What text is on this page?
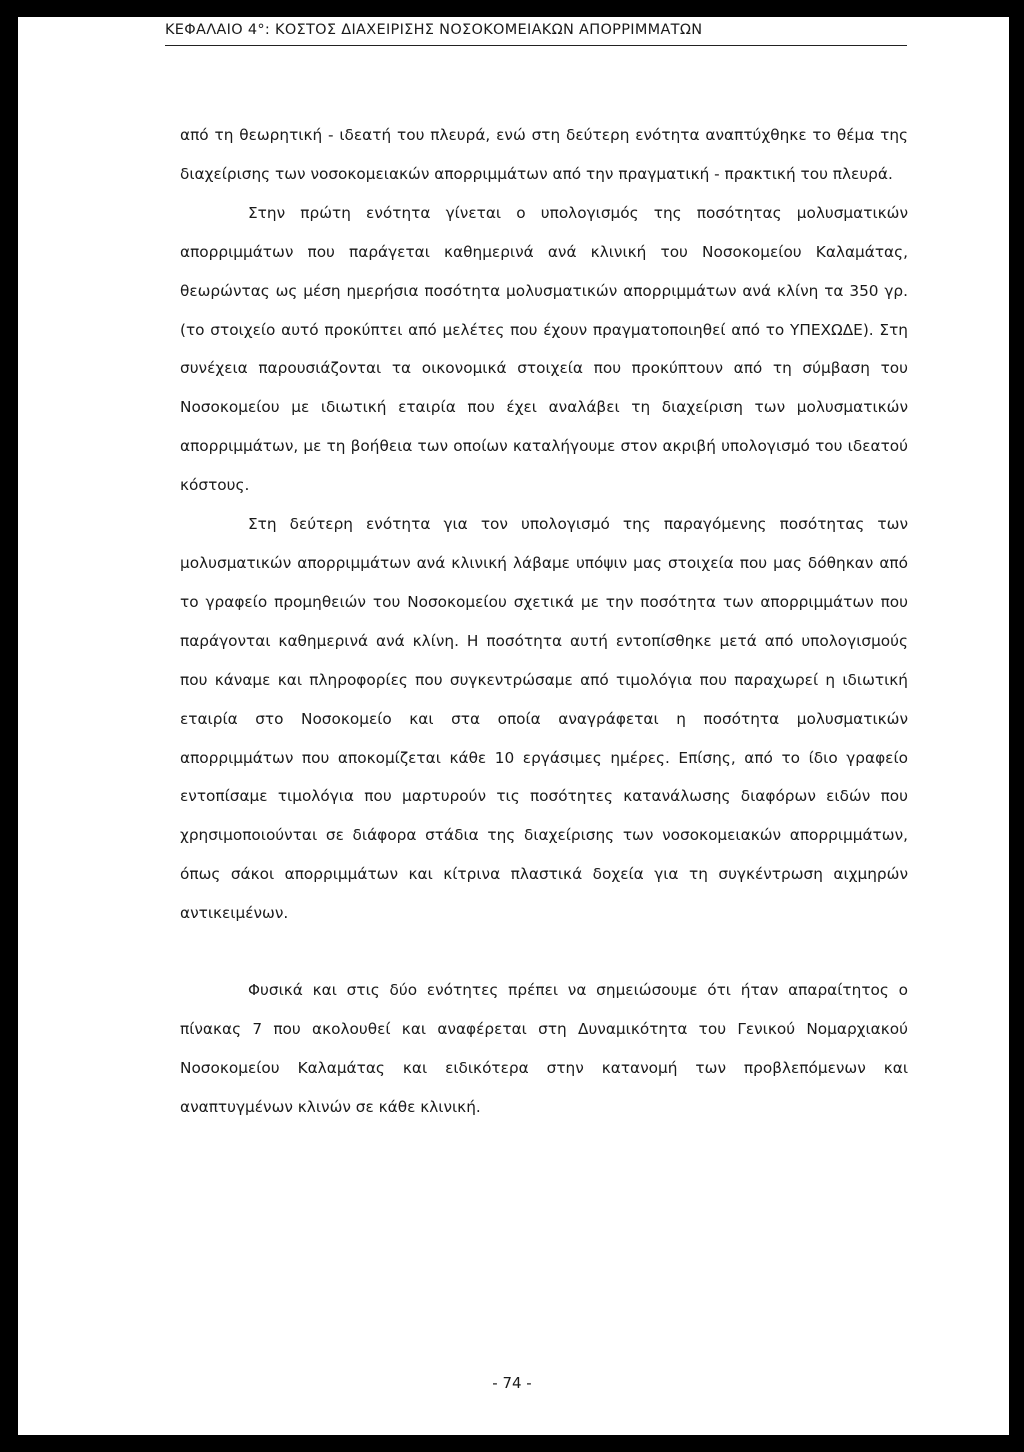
ΚΕΦΑΛΑΙΟ 4°: ΚΟΣΤΟΣ ΔΙΑΧΕΙΡΙΣΗΣ ΝΟΣΟΚΟΜΕΙΑΚΩΝ ΑΠΟΡΡΙΜΜΑΤΩΝ

από τη θεωρητική - ιδεατή του πλευρά, ενώ στη δεύτερη ενότητα αναπτύχθηκε το θέμα της διαχείρισης των νοσοκομειακών απορριμμάτων από την πραγματική - πρακτική του πλευρά.

Στην πρώτη ενότητα γίνεται ο υπολογισμός της ποσότητας μολυσματικών απορριμμάτων που παράγεται καθημερινά ανά κλινική του Νοσοκομείου Καλαμάτας, θεωρώντας ως μέση ημερήσια ποσότητα μολυσματικών απορριμμάτων ανά κλίνη τα 350 γρ. (το στοιχείο αυτό προκύπτει από μελέτες που έχουν πραγματοποιηθεί από το ΥΠΕΧΩΔΕ). Στη συνέχεια παρουσιάζονται τα οικονομικά στοιχεία που προκύπτουν από τη σύμβαση του Νοσοκομείου με ιδιωτική εταιρία που έχει αναλάβει τη διαχείριση των μολυσματικών απορριμμάτων, με τη βοήθεια των οποίων καταλήγουμε στον ακριβή υπολογισμό του ιδεατού κόστους.

Στη δεύτερη ενότητα για τον υπολογισμό της παραγόμενης ποσότητας των μολυσματικών απορριμμάτων ανά κλινική λάβαμε υπόψιν μας στοιχεία που μας δόθηκαν από το γραφείο προμηθειών του Νοσοκομείου σχετικά με την ποσότητα των απορριμμάτων που παράγονται καθημερινά ανά κλίνη. Η ποσότητα αυτή εντοπίσθηκε μετά από υπολογισμούς που κάναμε και πληροφορίες που συγκεντρώσαμε από τιμολόγια που παραχωρεί η ιδιωτική εταιρία στο Νοσοκομείο και στα οποία αναγράφεται η ποσότητα μολυσματικών απορριμμάτων που αποκομίζεται κάθε 10 εργάσιμες ημέρες. Επίσης, από το ίδιο γραφείο εντοπίσαμε τιμολόγια που μαρτυρούν τις ποσότητες κατανάλωσης διαφόρων ειδών που χρησιμοποιούνται σε διάφορα στάδια της διαχείρισης των νοσοκομειακών απορριμμάτων, όπως σάκοι απορριμμάτων και κίτρινα πλαστικά δοχεία για τη συγκέντρωση αιχμηρών αντικειμένων.

Φυσικά και στις δύο ενότητες πρέπει να σημειώσουμε ότι ήταν απαραίτητος ο πίνακας 7 που ακολουθεί και αναφέρεται στη Δυναμικότητα του Γενικού Νομαρχιακού Νοσοκομείου Καλαμάτας και ειδικότερα στην κατανομή των προβλεπόμενων και αναπτυγμένων κλινών σε κάθε κλινική.

- 74 -
